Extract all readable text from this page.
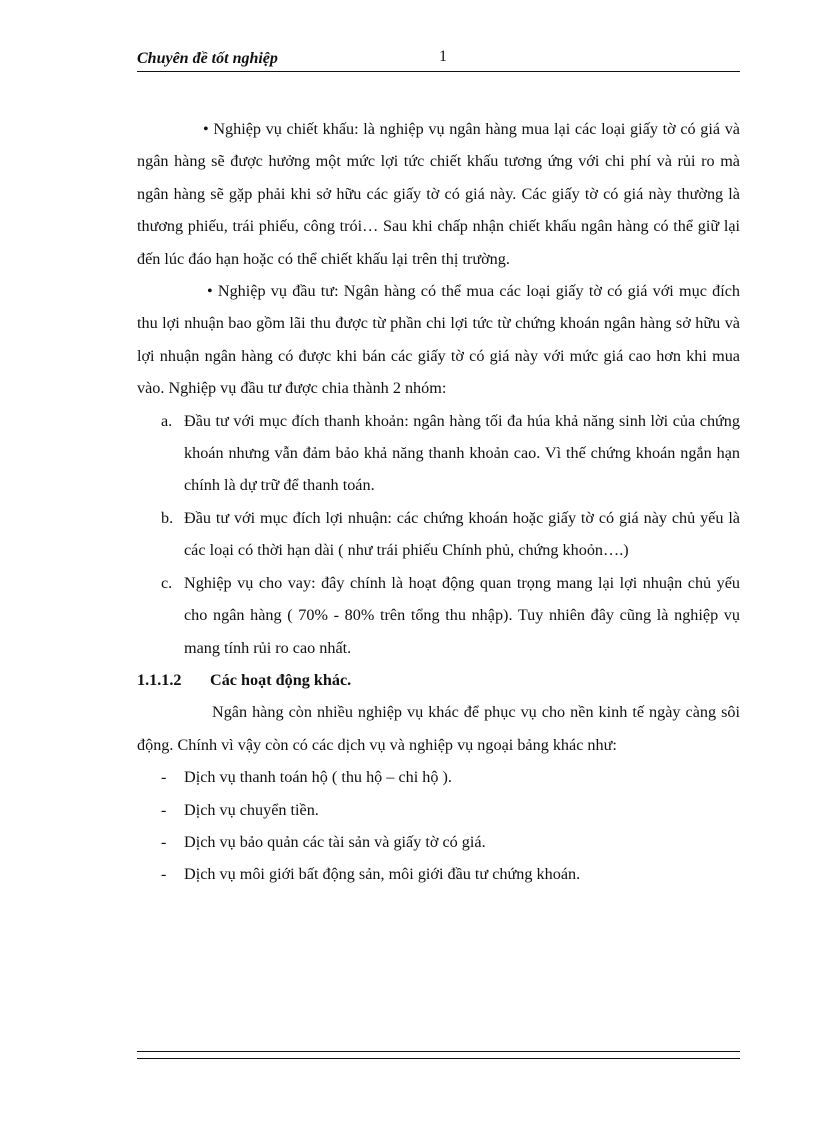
Chuyên đề tốt nghiệp	1

• Nghiệp vụ chiết khấu: là nghiệp vụ ngân hàng mua lại các loại giấy tờ có giá và ngân hàng sẽ được hưởng một mức lợi tức chiết khấu tương ứng với chi phí và rủi ro mà ngân hàng sẽ gặp phải khi sở hữu các giấy tờ có giá này. Các giấy tờ có giá này thường là thương phiếu, trái phiếu, công trói… Sau khi chấp nhận chiết khấu ngân hàng có thể giữ lại đến lúc đáo hạn hoặc có thể chiết khấu lại trên thị trường.

• Nghiệp vụ đầu tư: Ngân hàng có thể mua các loại giấy tờ có giá với mục đích thu lợi nhuận bao gồm lãi thu được từ phần chi lợi tức từ chứng khoán ngân hàng sở hữu và lợi nhuận ngân hàng có được khi bán các giấy tờ có giá này với mức giá cao hơn khi mua vào. Nghiệp vụ đầu tư được chia thành 2 nhóm:

a. Đầu tư với mục đích thanh khoản: ngân hàng tối đa húa khả năng sinh lời của chứng khoán nhưng vẫn đảm bảo khả năng thanh khoản cao. Vì thế chứng khoán ngắn hạn chính là dự trữ để thanh toán.
b. Đầu tư với mục đích lợi nhuận: các chứng khoán hoặc giấy tờ có giá này chủ yếu là các loại có thời hạn dài ( như trái phiếu Chính phủ, chứng khoỏn….)
c. Nghiệp vụ cho vay: đây chính là hoạt động quan trọng mang lại lợi nhuận chủ yếu cho ngân hàng ( 70% - 80% trên tổng thu nhập). Tuy nhiên đây cũng là nghiệp vụ mang tính rủi ro cao nhất.
1.1.1.2 Các hoạt động khác.

Ngân hàng còn nhiều nghiệp vụ khác để phục vụ cho nền kinh tế ngày càng sôi động. Chính vì vậy còn có các dịch vụ và nghiệp vụ ngoại bảng khác như:

- Dịch vụ thanh toán hộ ( thu hộ – chi hộ ).
- Dịch vụ chuyển tiền.
- Dịch vụ bảo quản các tài sản và giấy tờ có giá.
- Dịch vụ môi giới bất động sản, môi giới đầu tư chứng khoán.
